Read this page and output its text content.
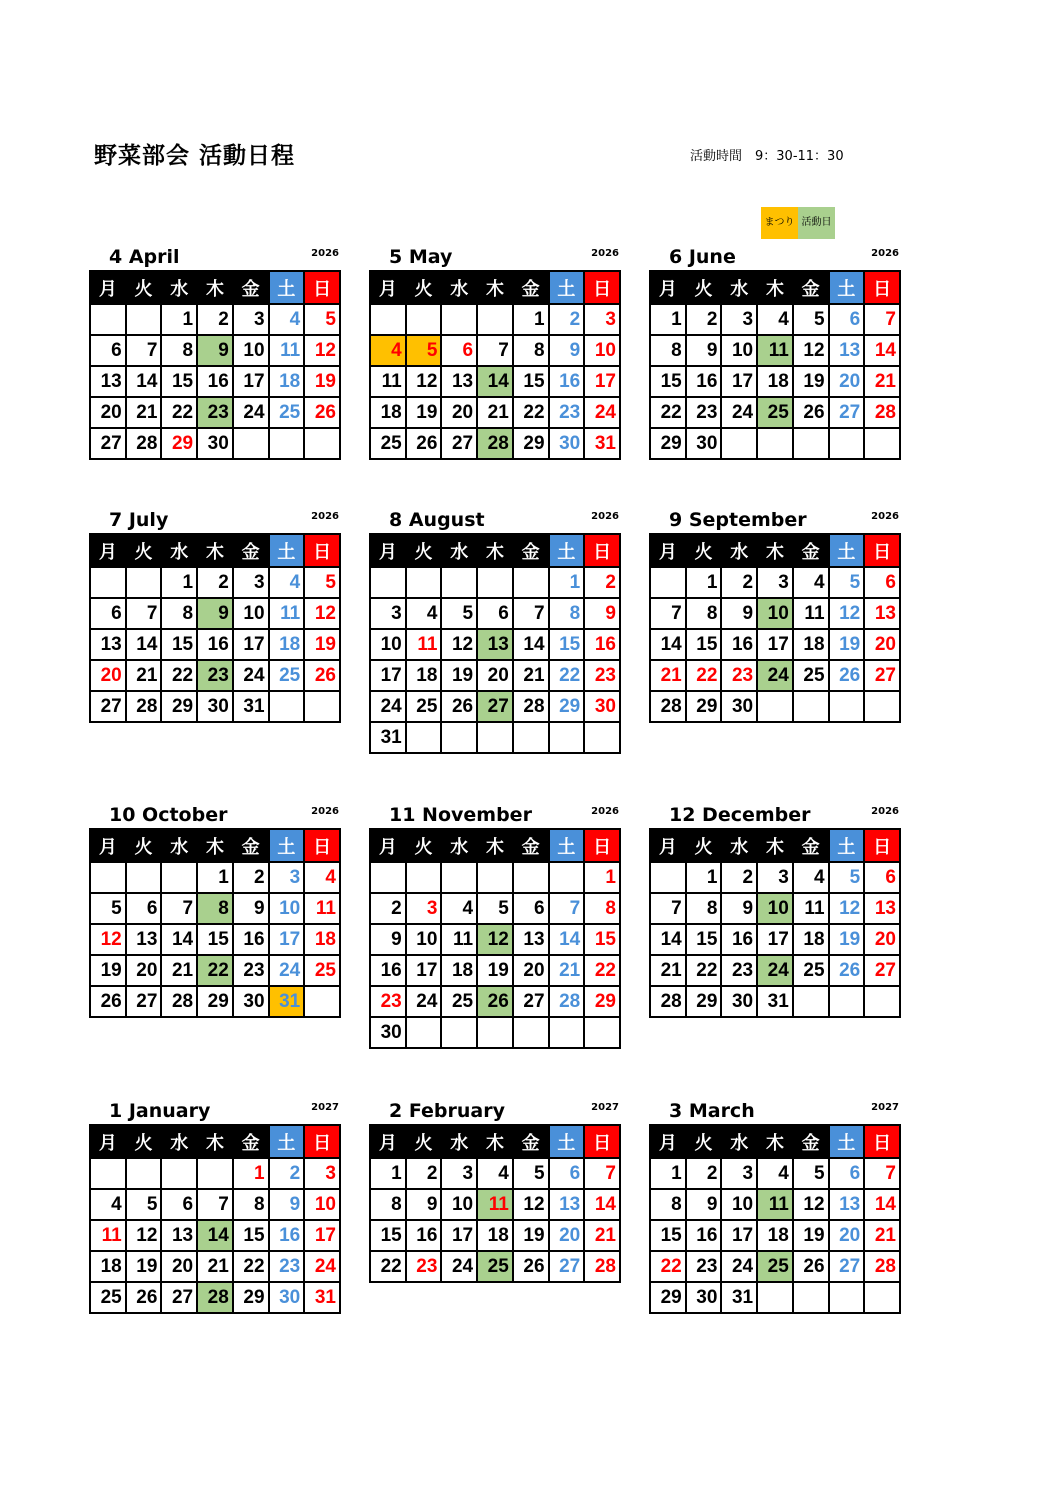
野菜部会 活動日程	活動時間　9：30-11：30
まつり 活動日
4 April	2026
月	火	水	木	金	土	日
		1	2	3	4	5
6	7	8	9	10	11	12
13	14	15	16	17	18	19
20	21	22	23	24	25	26
27	28	29	30			
5 May	2026
月	火	水	木	金	土	日
				1	2	3
4	5	6	7	8	9	10
11	12	13	14	15	16	17
18	19	20	21	22	23	24
25	26	27	28	29	30	31
6 June	2026
月	火	水	木	金	土	日
1	2	3	4	5	6	7
8	9	10	11	12	13	14
15	16	17	18	19	20	21
22	23	24	25	26	27	28
29	30					
7 July	2026
月	火	水	木	金	土	日
		1	2	3	4	5
6	7	8	9	10	11	12
13	14	15	16	17	18	19
20	21	22	23	24	25	26
27	28	29	30	31		
8 August	2026
月	火	水	木	金	土	日
					1	2
3	4	5	6	7	8	9
10	11	12	13	14	15	16
17	18	19	20	21	22	23
24	25	26	27	28	29	30
31						
9 September	2026
月	火	水	木	金	土	日
	1	2	3	4	5	6
7	8	9	10	11	12	13
14	15	16	17	18	19	20
21	22	23	24	25	26	27
28	29	30				
10 October	2026
月	火	水	木	金	土	日
			1	2	3	4
5	6	7	8	9	10	11
12	13	14	15	16	17	18
19	20	21	22	23	24	25
26	27	28	29	30	31	
11 November	2026
月	火	水	木	金	土	日
						1
2	3	4	5	6	7	8
9	10	11	12	13	14	15
16	17	18	19	20	21	22
23	24	25	26	27	28	29
30						
12 December	2026
月	火	水	木	金	土	日
	1	2	3	4	5	6
7	8	9	10	11	12	13
14	15	16	17	18	19	20
21	22	23	24	25	26	27
28	29	30	31			
1 January	2027
月	火	水	木	金	土	日
				1	2	3
4	5	6	7	8	9	10
11	12	13	14	15	16	17
18	19	20	21	22	23	24
25	26	27	28	29	30	31
2 February	2027
月	火	水	木	金	土	日
1	2	3	4	5	6	7
8	9	10	11	12	13	14
15	16	17	18	19	20	21
22	23	24	25	26	27	28
3 March	2027
月	火	水	木	金	土	日
1	2	3	4	5	6	7
8	9	10	11	12	13	14
15	16	17	18	19	20	21
22	23	24	25	26	27	28
29	30	31				
